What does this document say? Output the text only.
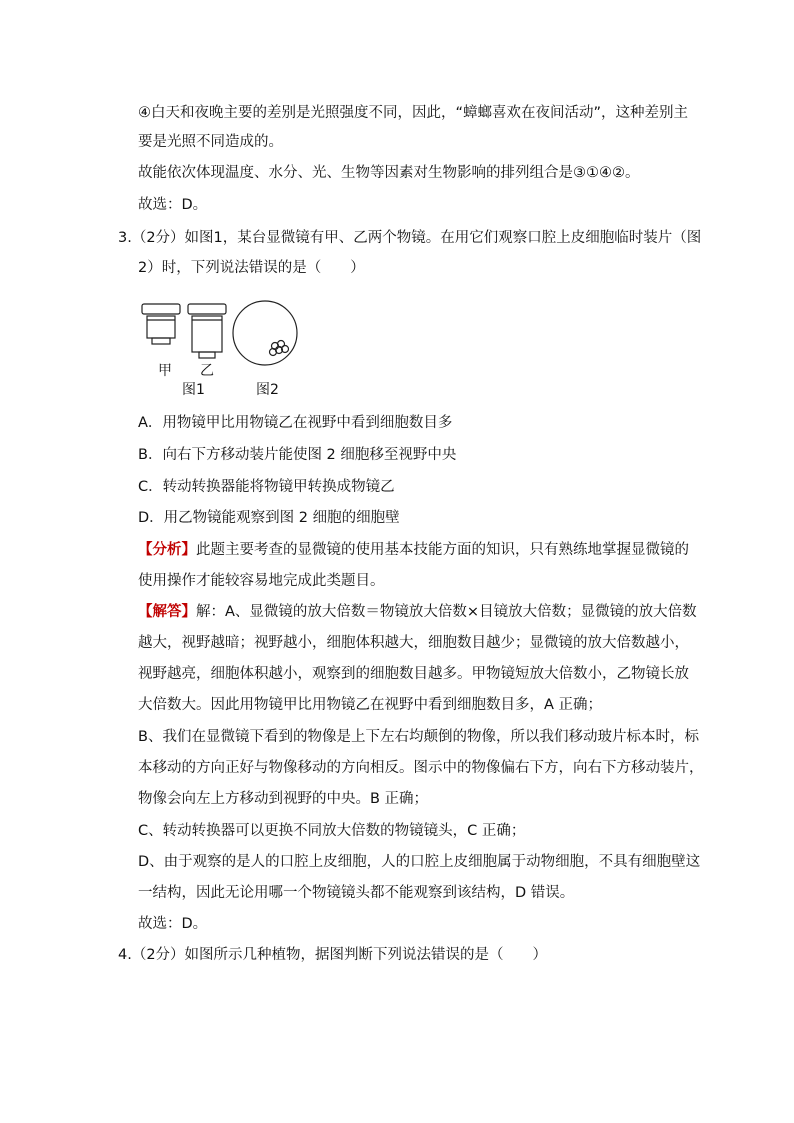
④白天和夜晚主要的差别是光照强度不同，因此，“蟑螂喜欢在夜间活动”，这种差别主
要是光照不同造成的。
故能依次体现温度、水分、光、生物等因素对生物影响的排列组合是③①④②。
故选：D。
3.（2分）如图1，某台显微镜有甲、乙两个物镜。在用它们观察口腔上皮细胞临时装片（图
2）时，下列说法错误的是（　　）
甲 乙
图1	图2
A．用物镜甲比用物镜乙在视野中看到细胞数目多
B．向右下方移动装片能使图 2 细胞移至视野中央
C．转动转换器能将物镜甲转换成物镜乙
D．用乙物镜能观察到图 2 细胞的细胞壁
【分析】此题主要考查的显微镜的使用基本技能方面的知识，只有熟练地掌握显微镜的
使用操作才能较容易地完成此类题目。
【解答】解：A、显微镜的放大倍数＝物镜放大倍数×目镜放大倍数；显微镜的放大倍数
越大，视野越暗；视野越小，细胞体积越大，细胞数目越少；显微镜的放大倍数越小，
视野越亮，细胞体积越小，观察到的细胞数目越多。甲物镜短放大倍数小，乙物镜长放
大倍数大。因此用物镜甲比用物镜乙在视野中看到细胞数目多，A 正确；
B、我们在显微镜下看到的物像是上下左右均颠倒的物像，所以我们移动玻片标本时，标
本移动的方向正好与物像移动的方向相反。图示中的物像偏右下方，向右下方移动装片，
物像会向左上方移动到视野的中央。B 正确；
C、转动转换器可以更换不同放大倍数的物镜镜头，C 正确；
D、由于观察的是人的口腔上皮细胞，人的口腔上皮细胞属于动物细胞，不具有细胞壁这
一结构，因此无论用哪一个物镜镜头都不能观察到该结构，D 错误。
故选：D。
4.（2分）如图所示几种植物，据图判断下列说法错误的是（　　）
